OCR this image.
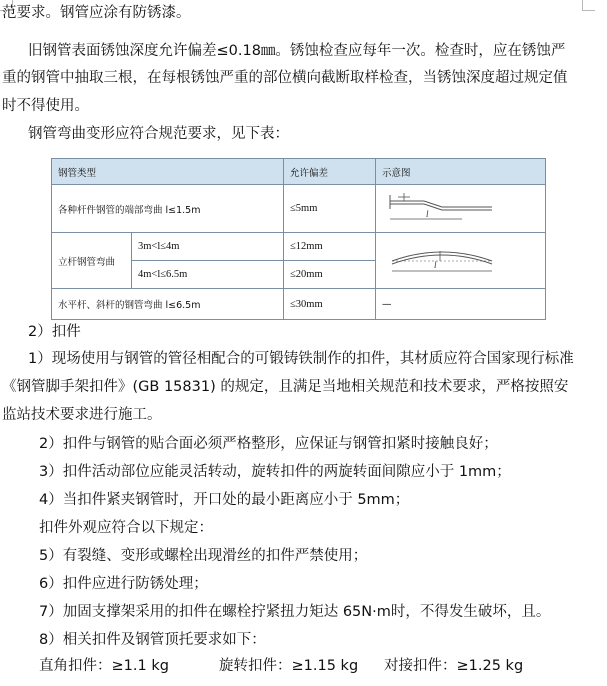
范要求。钢管应涂有防锈漆。
旧钢管表面锈蚀深度允许偏差≤0.18㎜。锈蚀检查应每年一次。检查时，应在锈蚀严
重的钢管中抽取三根，在每根锈蚀严重的部位横向截断取样检查，当锈蚀深度超过规定值
时不得使用。
钢管弯曲变形应符合规范要求，见下表：
钢管类型		允许偏差	示意图
各种杆件钢管的端部弯曲 l≤1.5m		≤5mm	l

立杆钢管弯曲	3m<l≤4m	≤12mm	l

	4m<l≤6.5m	≤20mm	
水平杆、斜杆的钢管弯曲 l≤6.5m		≤30mm	—
2）扣件
1）现场使用与钢管的管径相配合的可锻铸铁制作的扣件，其材质应符合国家现行标准
《钢管脚手架扣件》(GB 15831) 的规定，且满足当地相关规范和技术要求，严格按照安
监站技术要求进行施工。
2）扣件与钢管的贴合面必须严格整形，应保证与钢管扣紧时接触良好；
3）扣件活动部位应能灵活转动，旋转扣件的两旋转面间隙应小于 1mm；
4）当扣件紧夹钢管时，开口处的最小距离应小于 5mm；
扣件外观应符合以下规定：
5）有裂缝、变形或螺栓出现滑丝的扣件严禁使用；
6）扣件应进行防锈处理；
7）加固支撑架采用的扣件在螺栓拧紧扭力矩达 65N·m时，不得发生破坏，且。
8）相关扣件及钢管顶托要求如下：
直角扣件：≥1.1 kg	旋转扣件：≥1.15 kg 对接扣件：≥1.25 kg
